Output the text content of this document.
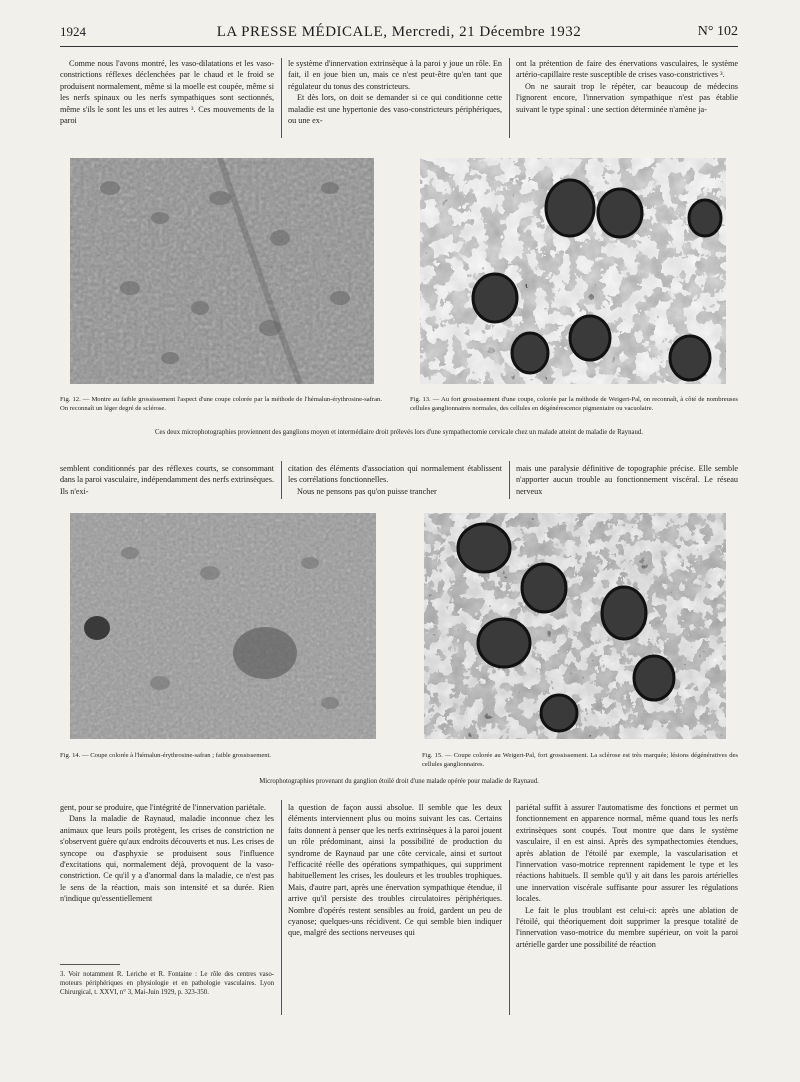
1924	LA PRESSE MÉDICALE, Mercredi, 21 Décembre 1932	N° 102

Comme nous l'avons montré, les vaso-dilatations et les vaso-constrictions réflexes déclenchées par le chaud et le froid se produisent normalement, même si la moelle est coupée, même si les nerfs spinaux ou les nerfs sympathiques sont sectionnés, même s'ils le sont les uns et les autres ³. Ces mouvements de la paroi

le système d'innervation extrinsèque à la paroi y joue un rôle. En fait, il en joue bien un, mais ce n'est peut-être qu'en tant que régulateur du tonus des constricteurs.

Et dès lors, on doit se demander si ce qui conditionne cette maladie est une hypertonie des vaso-constricteurs périphériques, ou une ex-

ont la prétention de faire des énervations vasculaires, le système artério-capillaire reste susceptible de crises vaso-constrictives ³.

On ne saurait trop le répéter, car beaucoup de médecins l'ignorent encore, l'innervation sympathique n'est pas établie suivant le type spinal : une section déterminée n'amène ja-

Fig. 12. — Montre au faible grossissement l'aspect d'une coupe colorée par la méthode de l'hémalun-érythrosine-safran. On reconnaît un léger degré de sclérose.
Fig. 13. — Au fort grossissement d'une coupe, colorée par la méthode de Weigert-Pal, on reconnaît, à côté de nombreuses cellules ganglionnaires normales, des cellules en dégénérescence pigmentaire ou vacuolaire.
Ces deux microphotographies proviennent des ganglions moyen et intermédiaire droit prélevés lors d'une sympathectomie cervicale chez un malade atteint de maladie de Raynaud.

semblent conditionnés par des réflexes courts, se consommant dans la paroi vasculaire, indépendamment des nerfs extrinsèques. Ils n'exi-

citation des éléments d'association qui normalement établissent les corrélations fonctionnelles.

Nous ne pensons pas qu'on puisse trancher

mais une paralysie définitive de topographie précise. Elle semble n'apporter aucun trouble au fonctionnement viscéral. Le réseau nerveux

Fig. 14. — Coupe colorée à l'hémalun-érythrosine-safran ; faible grossissement.	Fig. 15. — Coupe colorée au Weigert-Pal, fort grossissement. La sclérose est très marquée; lésions dégénératives des cellules ganglionnaires.
Microphotographies provenant du ganglion étoilé droit d'une malade opérée pour maladie de Raynaud.

gent, pour se produire, que l'intégrité de l'innervation pariétale.

Dans la maladie de Raynaud, maladie inconnue chez les animaux que leurs poils protègent, les crises de constriction ne s'observent guère qu'aux endroits découverts et nus. Les crises de syncope ou d'asphyxie se produisent sous l'influence d'excitations qui, normalement déjà, provoquent de la vaso-constriction. Ce qu'il y a d'anormal dans la maladie, ce n'est pas le sens de la réaction, mais son intensité et sa durée. Rien n'indique qu'essentiellement

3. Voir notamment R. Leriche et R. Fontaine : Le rôle des centres vaso-moteurs périphériques en physiologie et en pathologie vasculaires. Lyon Chirurgical, t. XXVI, n° 3, Mai-Juin 1929, p. 323-350.

la question de façon aussi absolue. Il semble que les deux éléments interviennent plus ou moins suivant les cas. Certains faits donnent à penser que les nerfs extrinsèques à la paroi jouent un rôle prédominant, ainsi la possibilité de production du syndrome de Raynaud par une côte cervicale, ainsi et surtout l'efficacité réelle des opérations sympathiques, qui suppriment habituellement les crises, les douleurs et les troubles trophiques. Mais, d'autre part, après une énervation sympathique étendue, il arrive qu'il persiste des troubles circulatoires périphériques. Nombre d'opérés restent sensibles au froid, gardent un peu de cyanose; quelques-uns récidivent. Ce qui semble bien indiquer que, malgré des sections nerveuses qui

pariétal suffit à assurer l'automatisme des fonctions et permet un fonctionnement en apparence normal, même quand tous les nerfs extrinsèques sont coupés. Tout montre que dans le système vasculaire, il en est ainsi. Après des sympathectomies étendues, après ablation de l'étoilé par exemple, la vascularisation et l'innervation vaso-motrice reprennent rapidement le type et les réactions habituels. Il semble qu'il y ait dans les parois artérielles une innervation viscérale suffisante pour assurer les régulations locales.

Le fait le plus troublant est celui-ci: après une ablation de l'étoilé, qui théoriquement doit supprimer la presque totalité de l'innervation vaso-motrice du membre supérieur, on voit la paroi artérielle garder une possibilité de réaction
